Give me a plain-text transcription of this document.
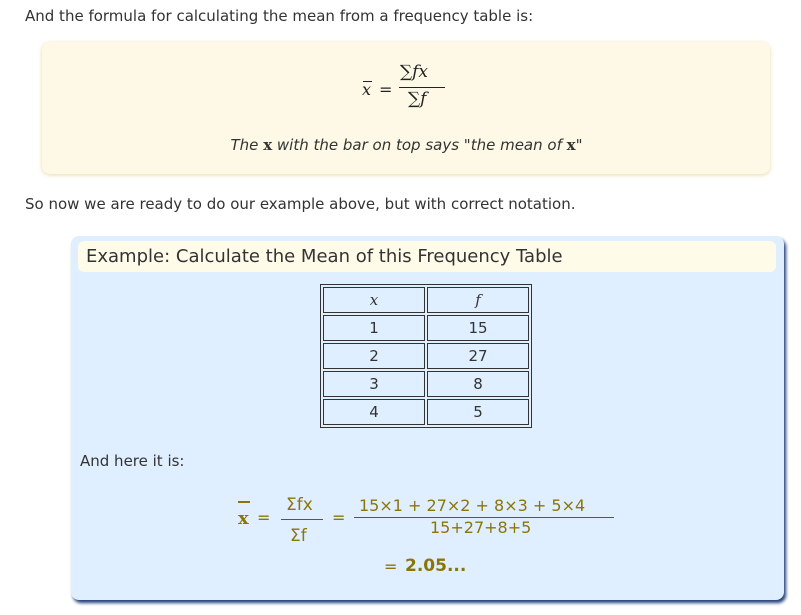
And the formula for calculating the mean from a frequency table is:
x =
∑fx
∑f
The x with the bar on top says "the mean of x"
So now we are ready to do our example above, but with correct notation.
Example: Calculate the Mean of this Frequency Table
x	f
1	15
2	27
3	8
4	5
And here it is:
x =
Σfx
Σf
=
15×1 + 27×2 + 8×3 + 5×4
15+27+8+5
= 2.05...
